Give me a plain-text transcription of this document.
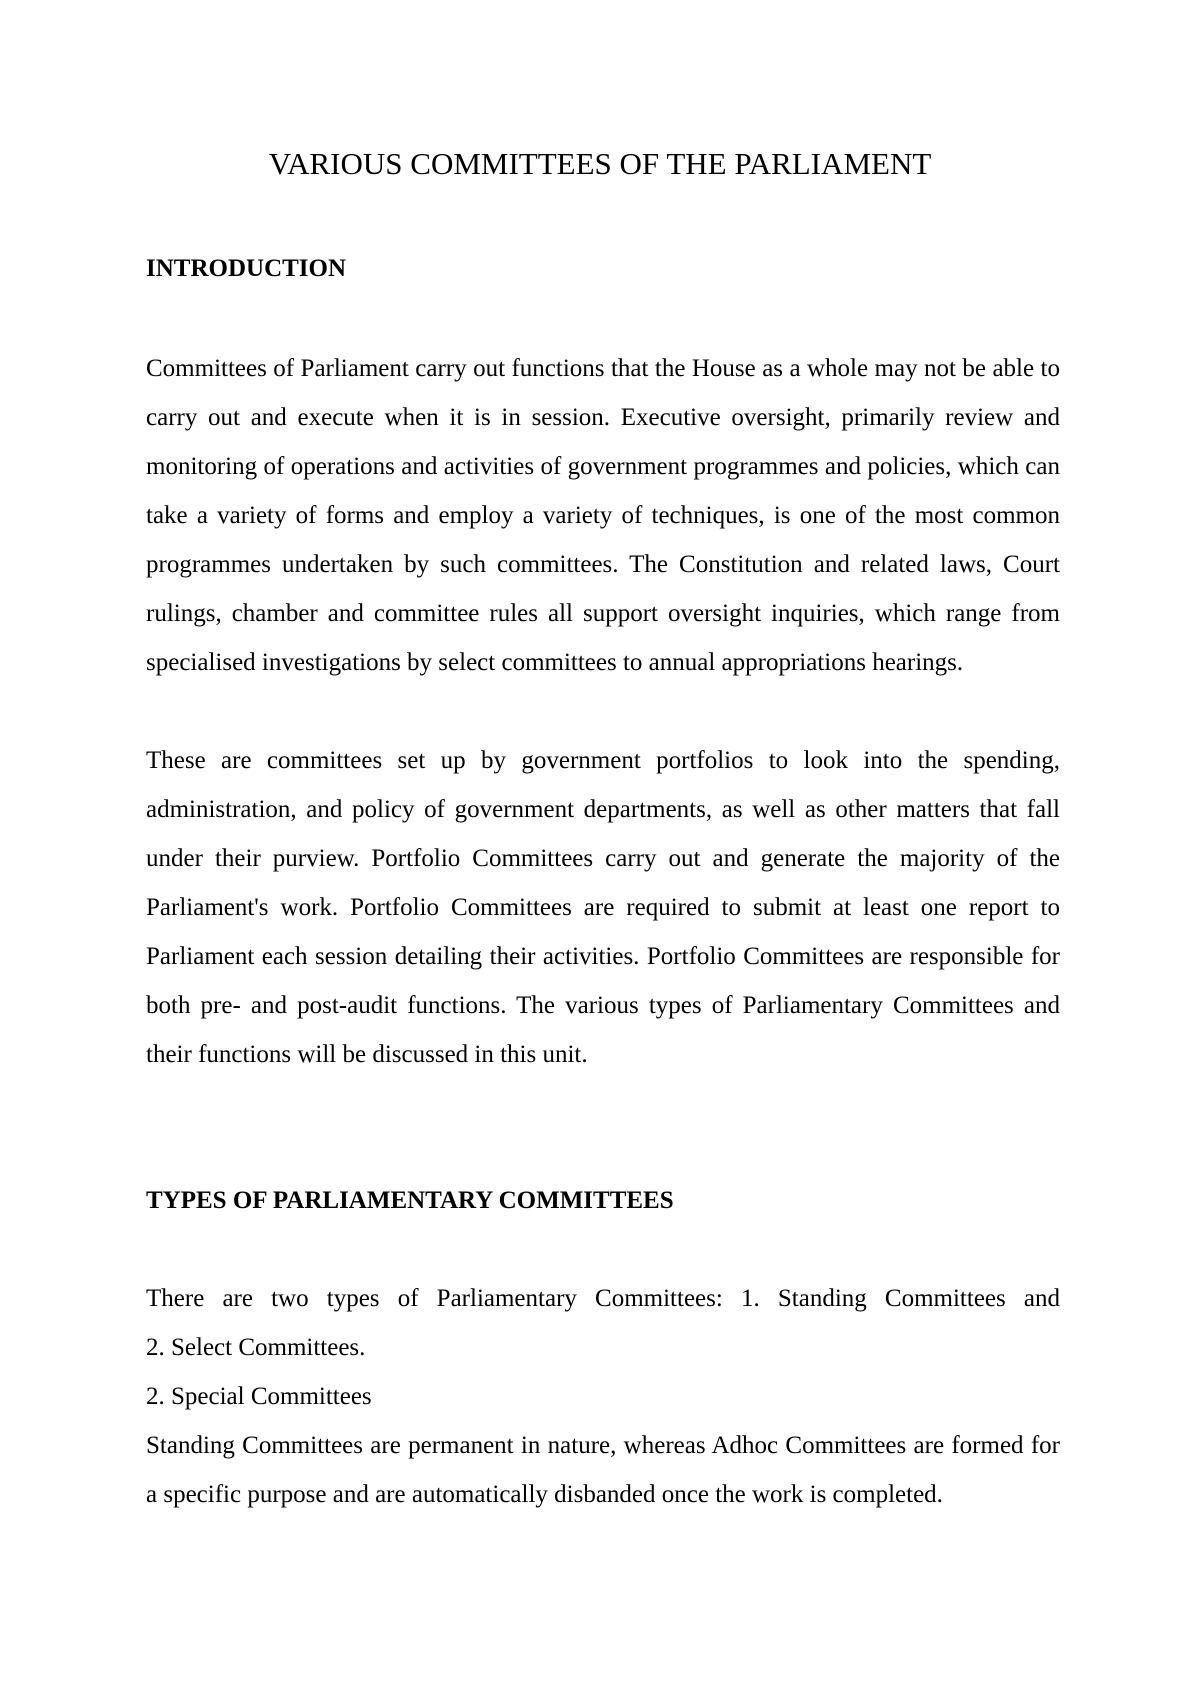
VARIOUS COMMITTEES OF THE PARLIAMENT
INTRODUCTION

Committees of Parliament carry out functions that the House as a whole may not be able to carry out and execute when it is in session. Executive oversight, primarily review and monitoring of operations and activities of government programmes and policies, which can take a variety of forms and employ a variety of techniques, is one of the most common programmes undertaken by such committees. The Constitution and related laws, Court rulings, chamber and committee rules all support oversight inquiries, which range from specialised investigations by select committees to annual appropriations hearings.

These are committees set up by government portfolios to look into the spending, administration, and policy of government departments, as well as other matters that fall under their purview. Portfolio Committees carry out and generate the majority of the Parliament's work. Portfolio Committees are required to submit at least one report to Parliament each session detailing their activities. Portfolio Committees are responsible for both pre- and post-audit functions. The various types of Parliamentary Committees and their functions will be discussed in this unit.

TYPES OF PARLIAMENTARY COMMITTEES

There are two types of Parliamentary Committees: 1. Standing Committees and

2. Select Committees.

2. Special Committees

Standing Committees are permanent in nature, whereas Adhoc Committees are formed for a specific purpose and are automatically disbanded once the work is completed.
